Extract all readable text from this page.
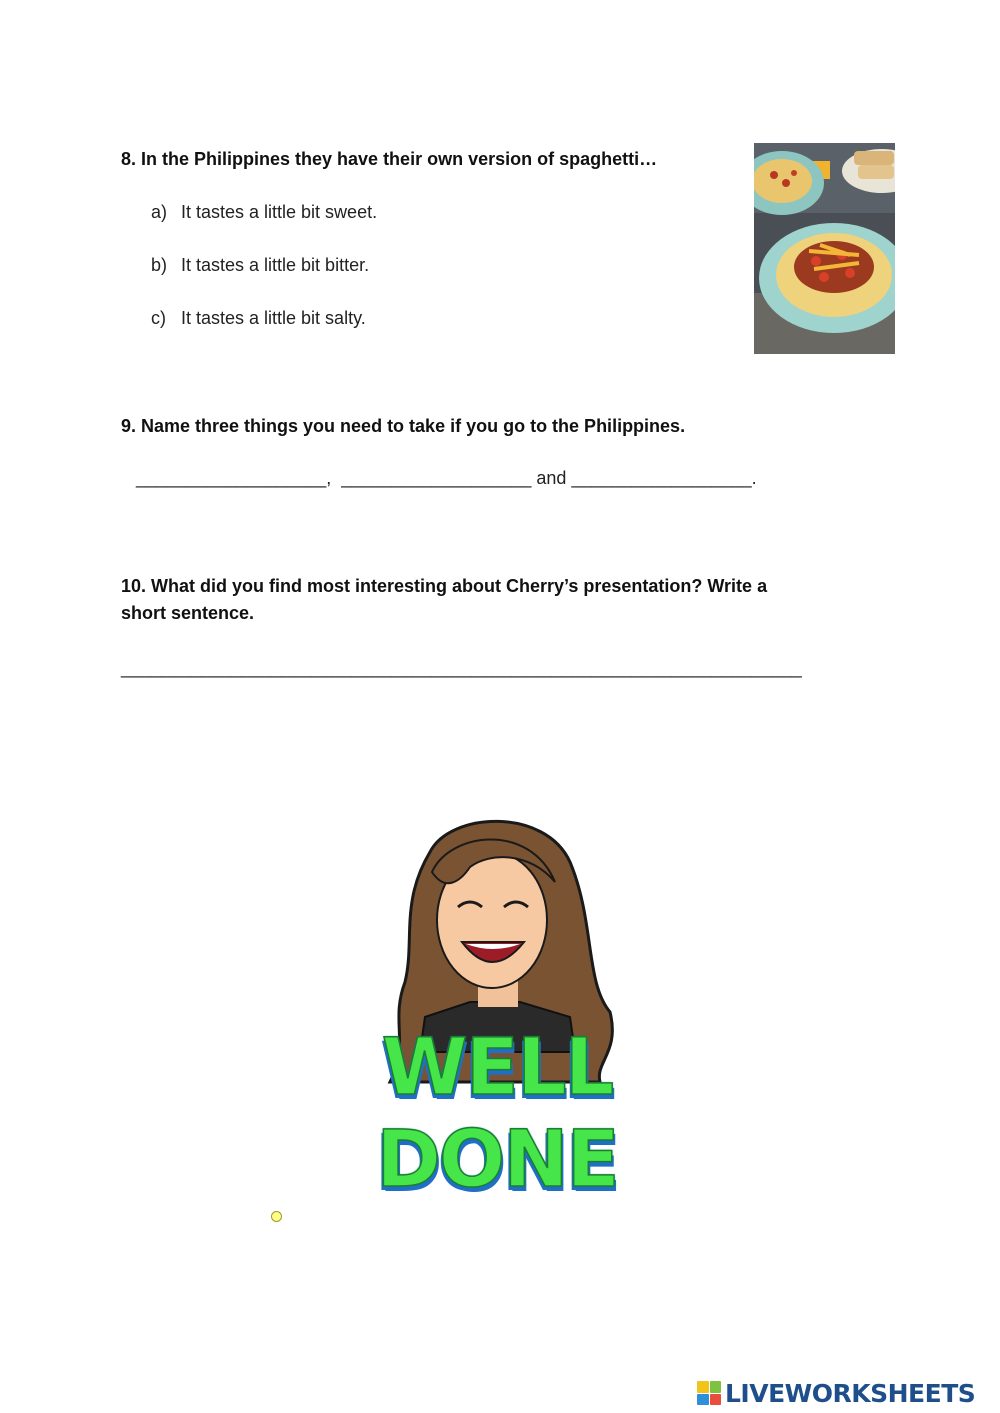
8. In the Philippines they have their own version of spaghetti…
a) It tastes a little bit sweet.
b) It tastes a little bit bitter.
c) It tastes a little bit salty.
9. Name three things you need to take if you go to the Philippines.
___________________,  ___________________ and __________________.
10. What did you find most interesting about Cherry’s presentation? Write a
short sentence.
____________________________________________________________________
WELL
DONE
LIVEWORKSHEETS
